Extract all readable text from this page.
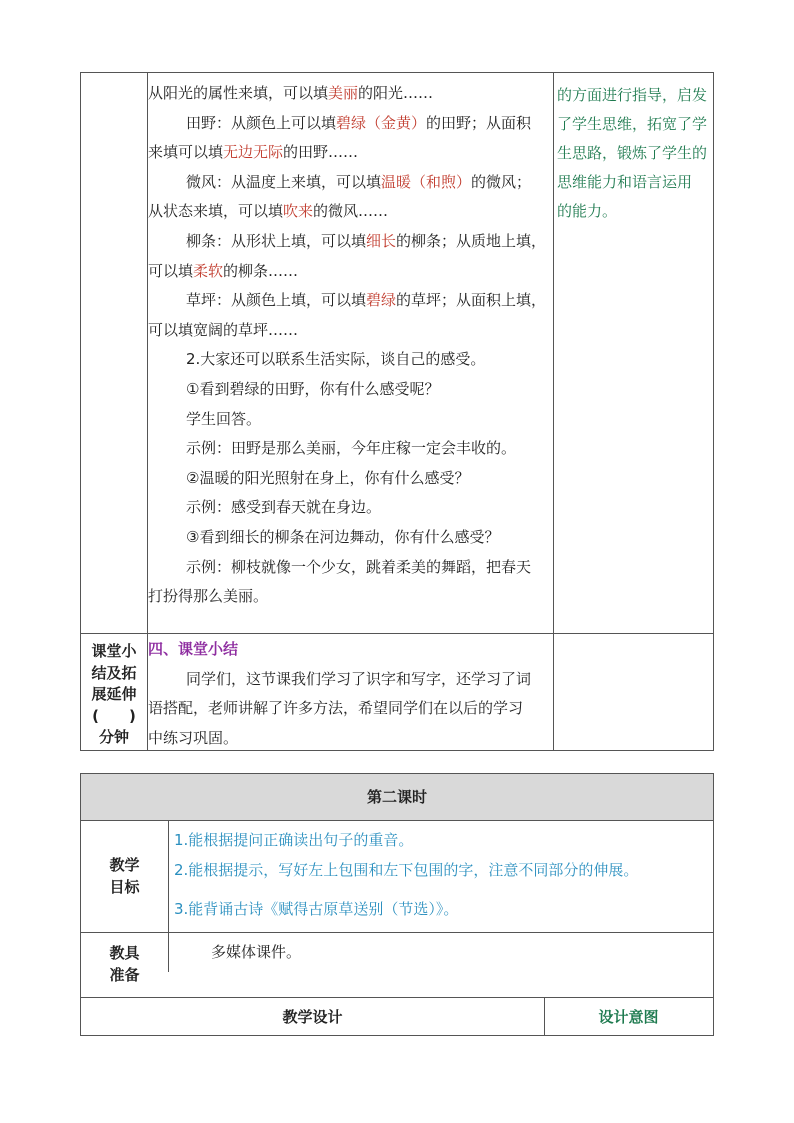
从阳光的属性来填，可以填美丽的阳光……

田野：从颜色上可以填碧绿（金黄）的田野；从面积

来填可以填无边无际的田野……

微风：从温度上来填，可以填温暖（和煦）的微风；

从状态来填，可以填吹来的微风……

柳条：从形状上填，可以填细长的柳条；从质地上填，

可以填柔软的柳条……

草坪：从颜色上填，可以填碧绿的草坪；从面积上填，

可以填宽阔的草坪……

2.大家还可以联系生活实际，谈自己的感受。

①看到碧绿的田野，你有什么感受呢？

学生回答。

示例：田野是那么美丽，今年庄稼一定会丰收的。

②温暖的阳光照射在身上，你有什么感受？

示例：感受到春天就在身边。

③看到细长的柳条在河边舞动，你有什么感受？

示例：柳枝就像一个少女，跳着柔美的舞蹈，把春天

打扮得那么美丽。

的方面进行指导，启发
了学生思维，拓宽了学
生思路，锻炼了学生的
思维能力和语言运用
的能力。
课堂小
结及拓
展延伸
(　　)
分钟

四、课堂小结

同学们，这节课我们学习了识字和写字，还学习了词

语搭配，老师讲解了许多方法，希望同学们在以后的学习

中练习巩固。

第二课时
教学
目标
1.能根据提问正确读出句子的重音。
2.能根据提示，写好左上包围和左下包围的字，注意不同部分的伸展。
3.能背诵古诗《赋得古原草送别（节选）》。
教具
准备
多媒体课件。
教学设计	设计意图
